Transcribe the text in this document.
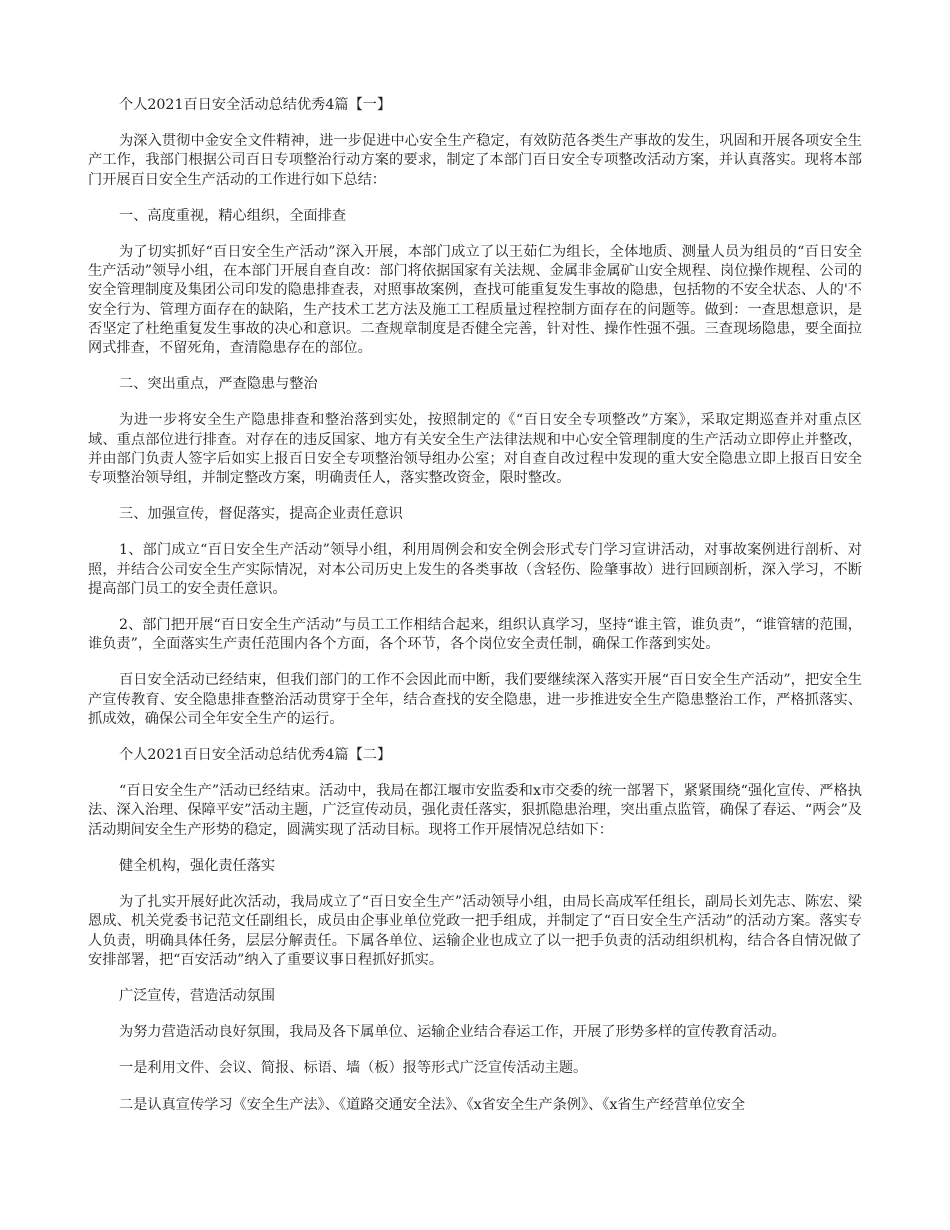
个人2021百日安全活动总结优秀4篇【一】
为深入贯彻中金安全文件精神，进一步促进中心安全生产稳定，有效防范各类生产事故的发生，巩固和开展各项安全生产工作，我部门根据公司百日专项整治行动方案的要求，制定了本部门百日安全专项整改活动方案，并认真落实。现将本部门开展百日安全生产活动的工作进行如下总结：
一、高度重视，精心组织，全面排查
为了切实抓好“百日安全生产活动”深入开展，本部门成立了以王茹仁为组长，全体地质、测量人员为组员的“百日安全生产活动”领导小组，在本部门开展自查自改：部门将依据国家有关法规、金属非金属矿山安全规程、岗位操作规程、公司的安全管理制度及集团公司印发的隐患排查表，对照事故案例，查找可能重复发生事故的隐患，包括物的不安全状态、人的'不安全行为、管理方面存在的缺陷，生产技术工艺方法及施工工程质量过程控制方面存在的问题等。做到：一查思想意识，是否坚定了杜绝重复发生事故的决心和意识。二查规章制度是否健全完善，针对性、操作性强不强。三查现场隐患，要全面拉网式排查，不留死角，查清隐患存在的部位。
二、突出重点，严查隐患与整治
为进一步将安全生产隐患排查和整治落到实处，按照制定的《“百日安全专项整改”方案》，采取定期巡查并对重点区域、重点部位进行排查。对存在的违反国家、地方有关安全生产法律法规和中心安全管理制度的生产活动立即停止并整改，并由部门负责人签字后如实上报百日安全专项整治领导组办公室；对自查自改过程中发现的重大安全隐患立即上报百日安全专项整治领导组，并制定整改方案，明确责任人，落实整改资金，限时整改。
三、加强宣传，督促落实，提高企业责任意识
1、部门成立“百日安全生产活动”领导小组，利用周例会和安全例会形式专门学习宣讲活动，对事故案例进行剖析、对照，并结合公司安全生产实际情况，对本公司历史上发生的各类事故（含轻伤、险肇事故）进行回顾剖析，深入学习，不断提高部门员工的安全责任意识。
2、部门把开展“百日安全生产活动”与员工工作相结合起来，组织认真学习，坚持“谁主管，谁负责”，“谁管辖的范围，谁负责”，全面落实生产责任范围内各个方面，各个环节，各个岗位安全责任制，确保工作落到实处。
百日安全活动已经结束，但我们部门的工作不会因此而中断，我们要继续深入落实开展“百日安全生产活动”，把安全生产宣传教育、安全隐患排查整治活动贯穿于全年，结合查找的安全隐患，进一步推进安全生产隐患整治工作，严格抓落实、抓成效，确保公司全年安全生产的运行。
个人2021百日安全活动总结优秀4篇【二】
“百日安全生产”活动已经结束。活动中，我局在都江堰市安监委和x市交委的统一部署下，紧紧围绕“强化宣传、严格执法、深入治理、保障平安”活动主题，广泛宣传动员，强化责任落实，狠抓隐患治理，突出重点监管，确保了春运、“两会”及活动期间安全生产形势的稳定，圆满实现了活动目标。现将工作开展情况总结如下：
健全机构，强化责任落实
为了扎实开展好此次活动，我局成立了“百日安全生产”活动领导小组，由局长高成军任组长，副局长刘先志、陈宏、梁恩成、机关党委书记范文任副组长，成员由企事业单位党政一把手组成，并制定了“百日安全生产活动”的活动方案。落实专人负责，明确具体任务，层层分解责任。下属各单位、运输企业也成立了以一把手负责的活动组织机构，结合各自情况做了安排部署，把“百安活动”纳入了重要议事日程抓好抓实。
广泛宣传，营造活动氛围
为努力营造活动良好氛围，我局及各下属单位、运输企业结合春运工作，开展了形势多样的宣传教育活动。
一是利用文件、会议、简报、标语、墙（板）报等形式广泛宣传活动主题。
二是认真宣传学习《安全生产法》、《道路交通安全法》、《x省安全生产条例》、《x省生产经营单位安全
